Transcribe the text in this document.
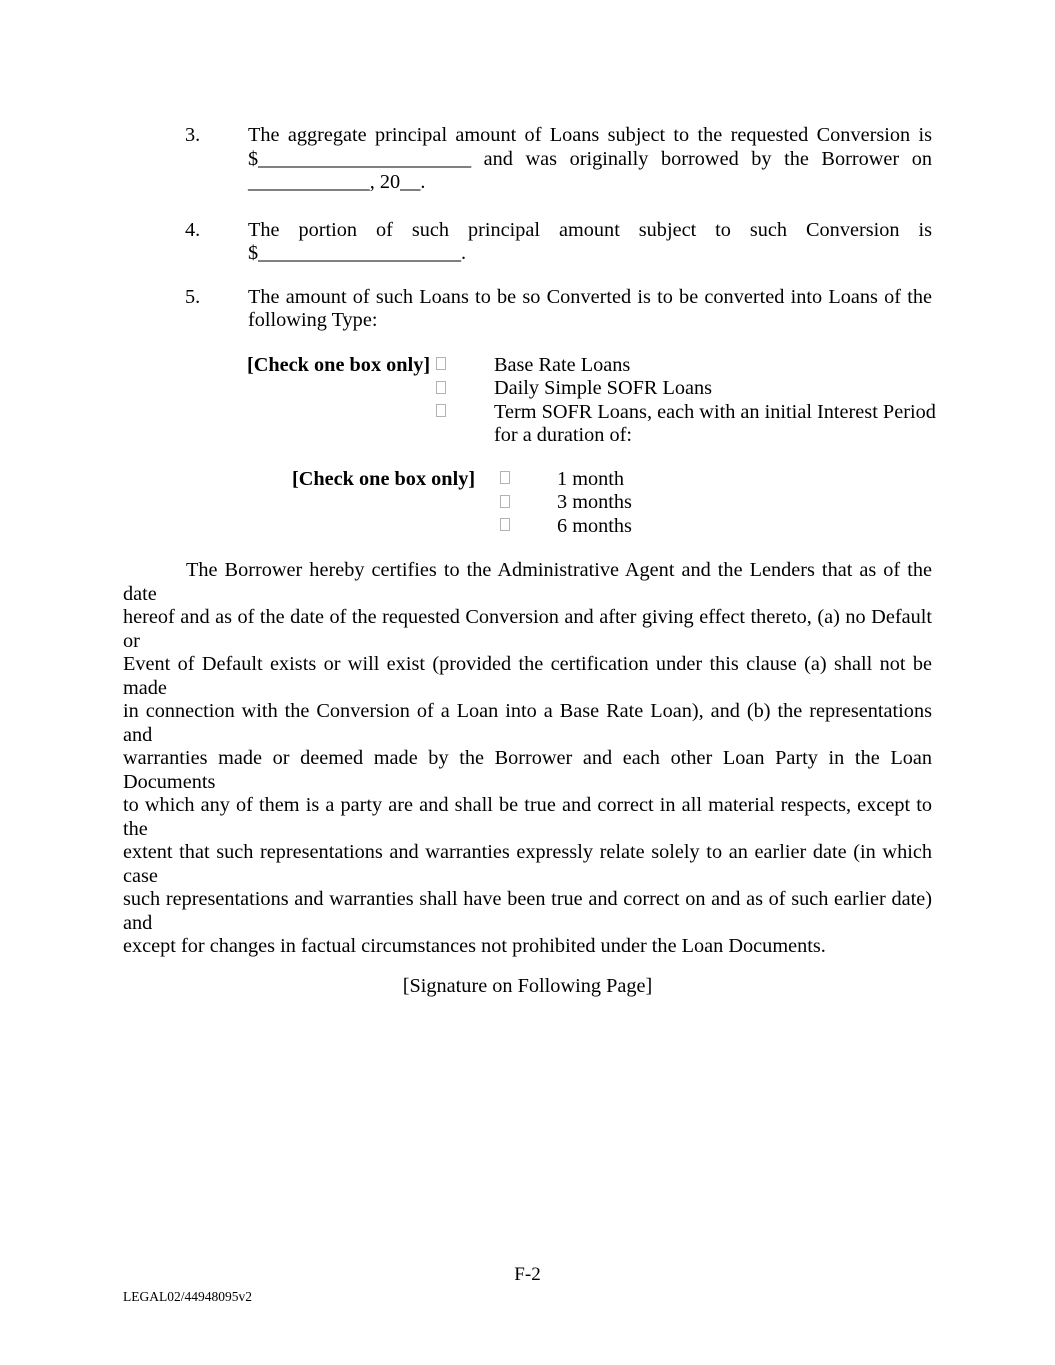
3. The aggregate principal amount of Loans subject to the requested Conversion is
$_____________________ and was originally borrowed by the Borrower on
____________, 20__.
4. The portion of such principal amount subject to such Conversion is
$____________________.
5. The amount of such Loans to be so Converted is to be converted into Loans of the
following Type:
[Check one box only]	Base Rate Loans
Daily Simple SOFR Loans
Term SOFR Loans, each with an initial Interest Period
for a duration of:
[Check one box only]	1 month
3 months
6 months
The Borrower hereby certifies to the Administrative Agent and the Lenders that as of the date
hereof and as of the date of the requested Conversion and after giving effect thereto, (a) no Default or
Event of Default exists or will exist (provided the certification under this clause (a) shall not be made
in connection with the Conversion of a Loan into a Base Rate Loan), and (b) the representations and
warranties made or deemed made by the Borrower and each other Loan Party in the Loan Documents
to which any of them is a party are and shall be true and correct in all material respects, except to the
extent that such representations and warranties expressly relate solely to an earlier date (in which case
such representations and warranties shall have been true and correct on and as of such earlier date) and
except for changes in factual circumstances not prohibited under the Loan Documents.
[Signature on Following Page]
F-2
LEGAL02/44948095v2
